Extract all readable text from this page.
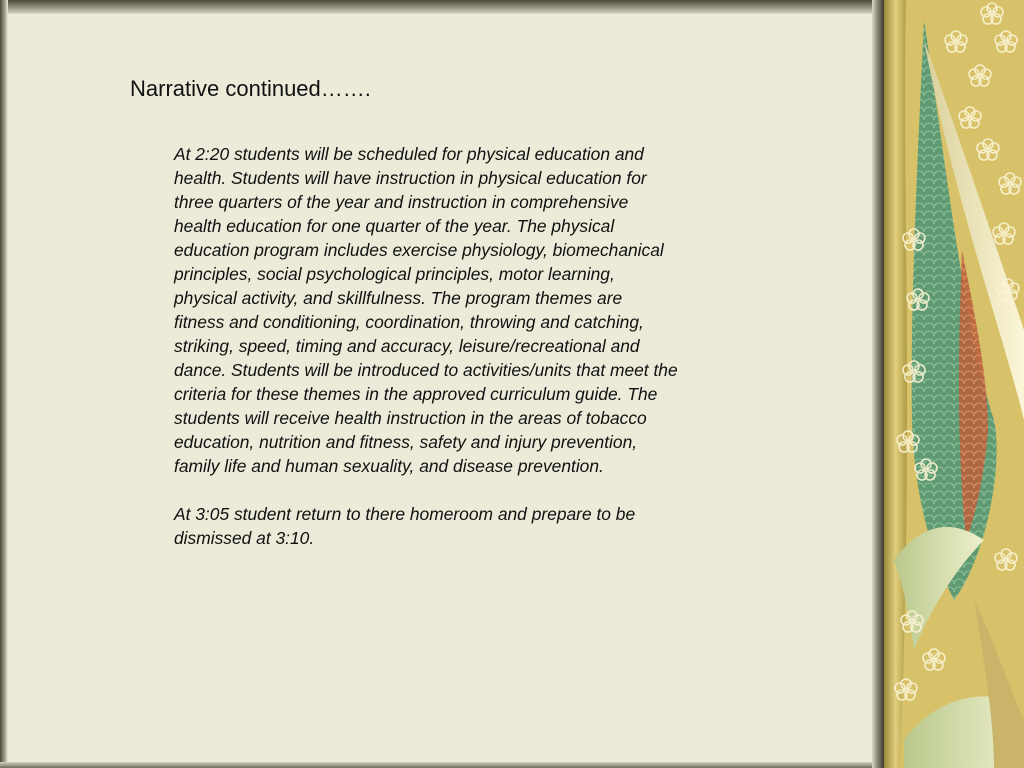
Narrative continued…….

At 2:20 students will be scheduled for physical education and
health. Students will have instruction in physical education for
three quarters of the year and instruction in comprehensive
health education for one quarter of the year. The physical
education program includes exercise physiology, biomechanical
principles, social psychological principles, motor learning,
physical activity, and skillfulness. The program themes are
fitness and conditioning, coordination, throwing and catching,
striking, speed, timing and accuracy, leisure/recreational and
dance. Students will be introduced to activities/units that meet the
criteria for these themes in the approved curriculum guide. The
students will receive health instruction in the areas of tobacco
education, nutrition and fitness, safety and injury prevention,
family life and human sexuality, and disease prevention.

At 3:05 student return to there homeroom and prepare to be
dismissed at 3:10.
